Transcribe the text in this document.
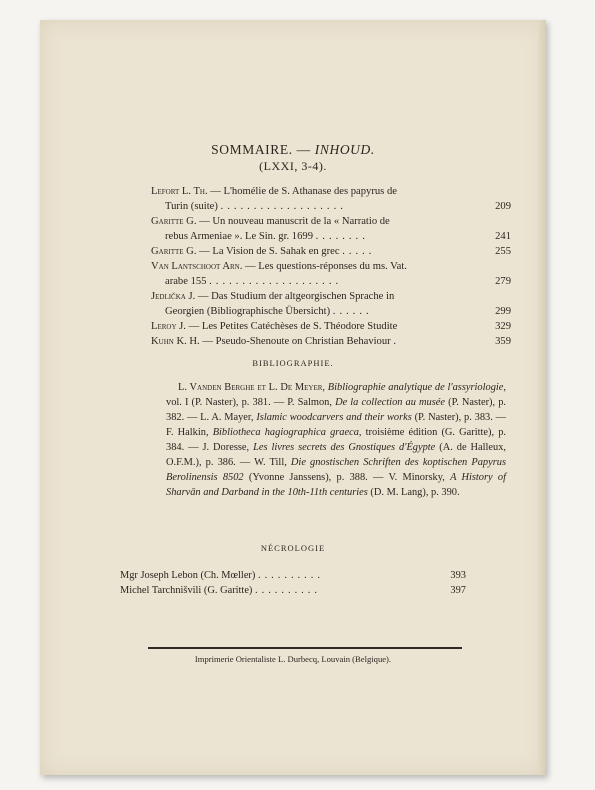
SOMMAIRE. — INHOUD.
(LXXI, 3-4).
Lefort L. Th. — L'homélie de S. Athanase des papyrus de
Turin (suite) ...................	209
Garitte G. — Un nouveau manuscrit de la « Narratio de
rebus Armeniae ». Le Sin. gr. 1699 ........	241
Garitte G. — La Vision de S. Sahak en grec .....	255
Van Lantschoot Arn. — Les questions-réponses du ms. Vat.
arabe 155 ....................	279
Jedlička J. — Das Studium der altgeorgischen Sprache in
Georgien (Bibliographische Übersicht) ......	299
Leroy J. — Les Petites Catéchèses de S. Théodore Studite	329
Kuhn K. H. — Pseudo-Shenoute on Christian Behaviour .	359
BIBLIOGRAPHIE.
L. Vanden Berghe et L. De Meyer, Bibliographie analytique de l'assyriologie, vol. I (P. Naster), p. 381. — P. Salmon, De la collection au musée (P. Naster), p. 382. — L. A. Mayer, Islamic woodcarvers and their works (P. Naster), p. 383. — F. Halkin, Bibliotheca hagiographica graeca, troisième édition (G. Garitte), p. 384. — J. Doresse, Les livres secrets des Gnostiques d'Égypte (A. de Halleux, O.F.M.), p. 386. — W. Till, Die gnostischen Schriften des koptischen Papyrus Berolinensis 8502 (Yvonne Janssens), p. 388. — V. Minorsky, A History of Sharvān and Darband in the 10th-11th centuries (D. M. Lang), p. 390.
NÉCROLOGIE
Mgr Joseph Lebon (Ch. Mœller) ..........	393
Michel Tarchnišvili (G. Garitte) ..........	397
Imprimerie Orientaliste L. Durbecq, Louvain (Belgique).
